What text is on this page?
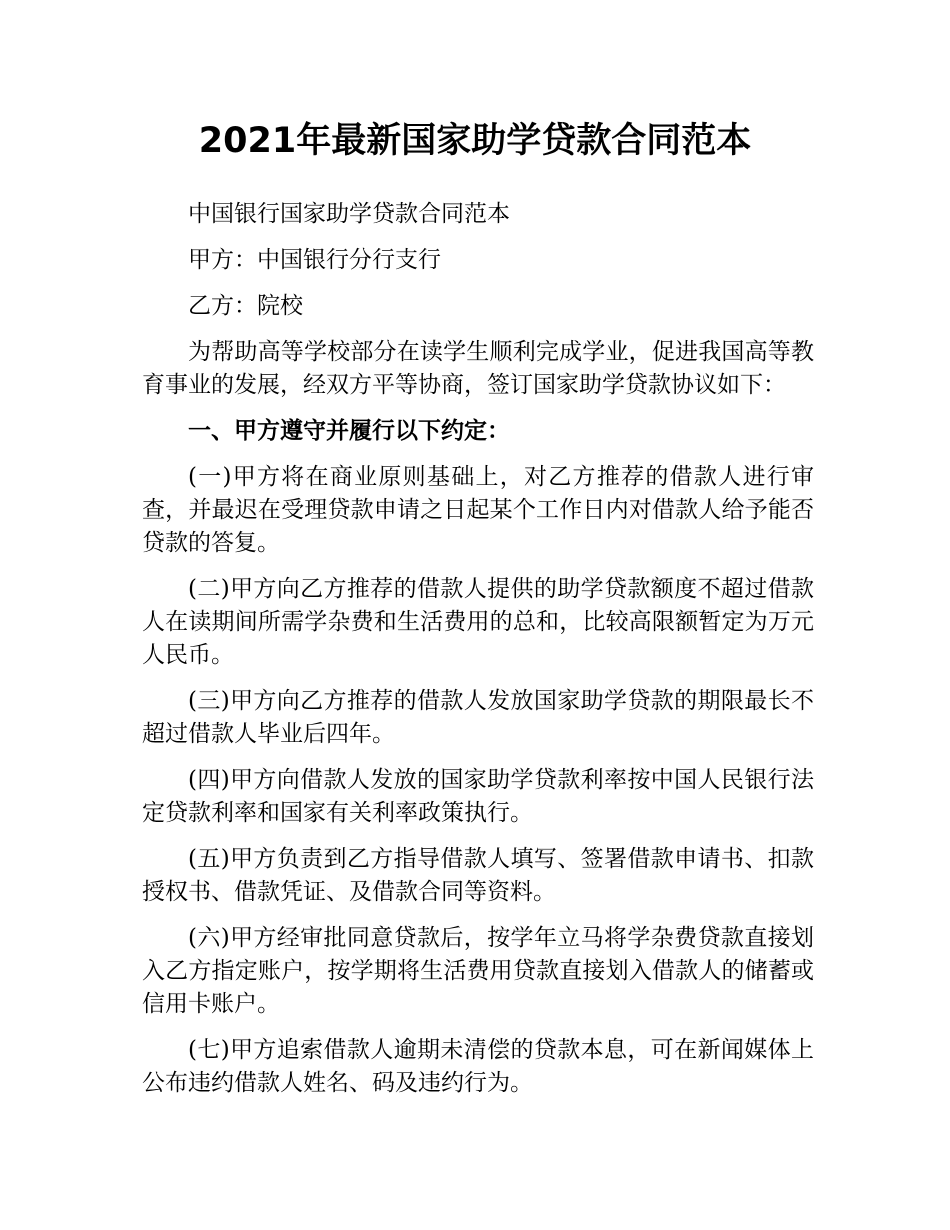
2021年最新国家助学贷款合同范本

中国银行国家助学贷款合同范本

甲方：中国银行分行支行

乙方：院校

为帮助高等学校部分在读学生顺利完成学业，促进我国高等教育事业的发展，经双方平等协商，签订国家助学贷款协议如下：

一、甲方遵守并履行以下约定：

(一)甲方将在商业原则基础上，对乙方推荐的借款人进行审查，并最迟在受理贷款申请之日起某个工作日内对借款人给予能否贷款的答复。

(二)甲方向乙方推荐的借款人提供的助学贷款额度不超过借款人在读期间所需学杂费和生活费用的总和，比较高限额暂定为万元人民币。

(三)甲方向乙方推荐的借款人发放国家助学贷款的期限最长不超过借款人毕业后四年。

(四)甲方向借款人发放的国家助学贷款利率按中国人民银行法定贷款利率和国家有关利率政策执行。

(五)甲方负责到乙方指导借款人填写、签署借款申请书、扣款授权书、借款凭证、及借款合同等资料。

(六)甲方经审批同意贷款后，按学年立马将学杂费贷款直接划入乙方指定账户，按学期将生活费用贷款直接划入借款人的储蓄或信用卡账户。

(七)甲方追索借款人逾期未清偿的贷款本息，可在新闻媒体上公布违约借款人姓名、码及违约行为。
